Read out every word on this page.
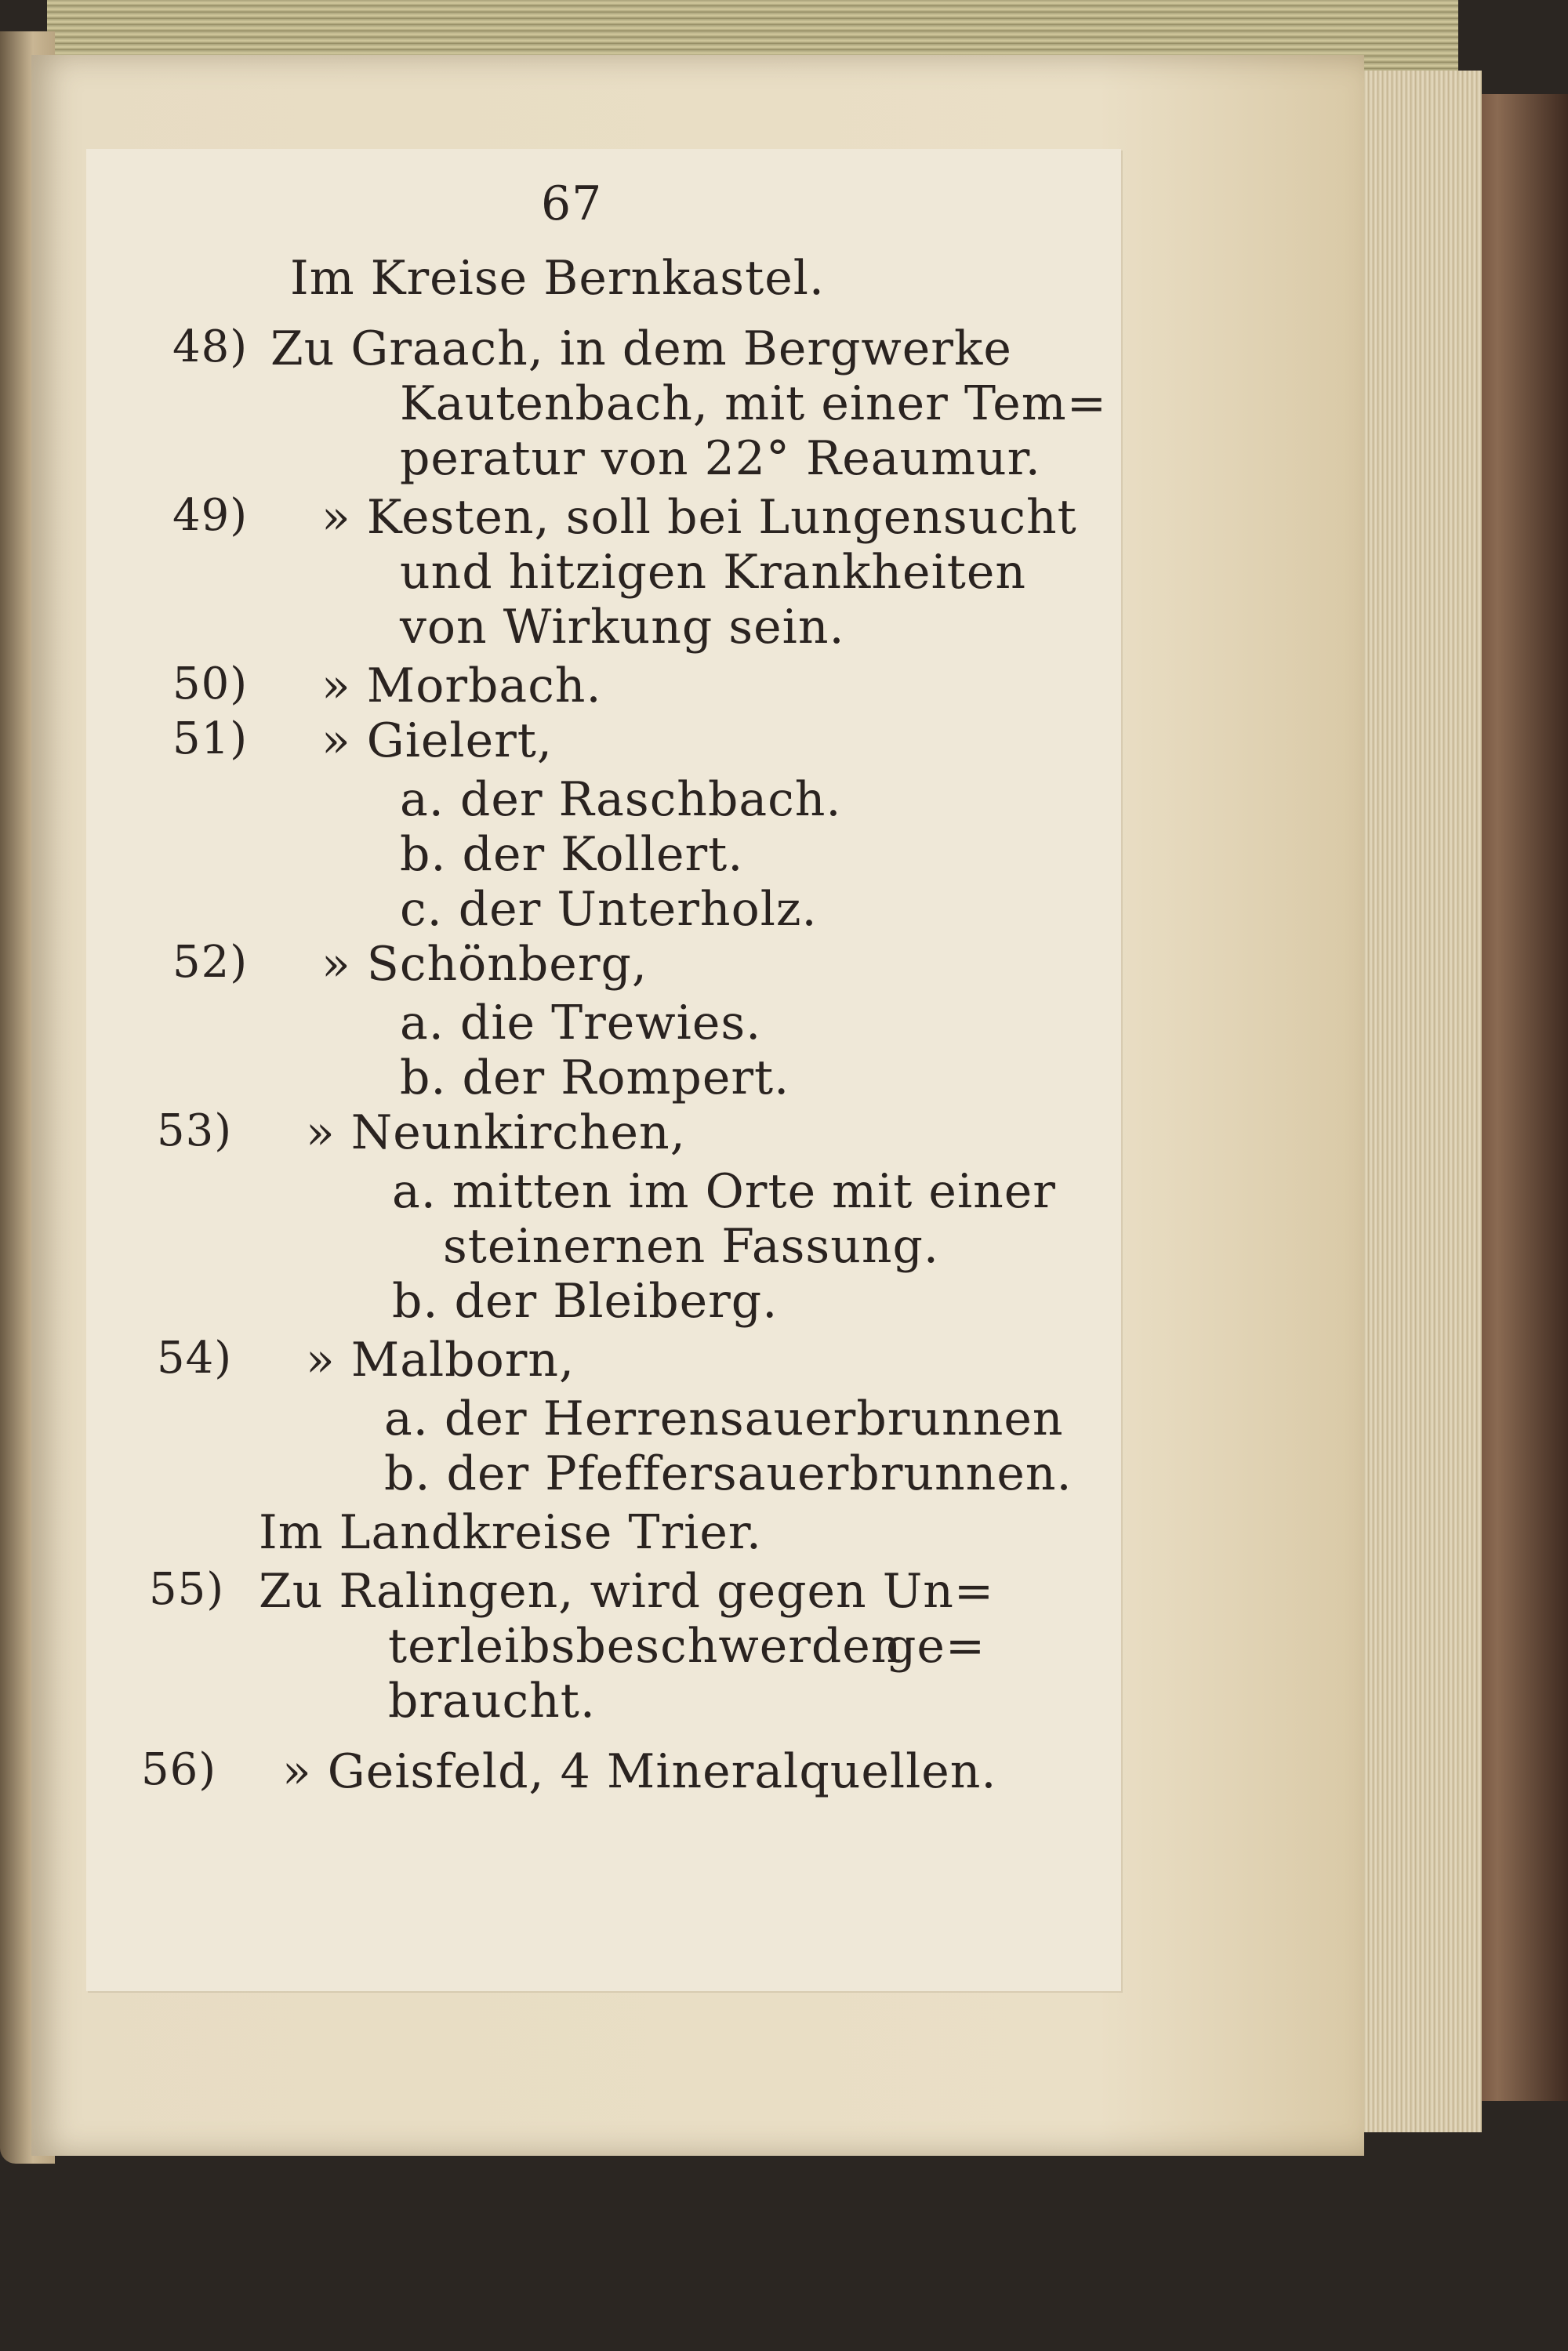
67
Im Kreise Bernkastel.
48) Zu Graach, in dem Bergwerke
Kautenbach, mit einer Tem=
peratur von 22° Reaumur.
49) » Kesten, soll bei Lungensucht
und hitzigen Krankheiten
von Wirkung sein.
50) » Morbach.
51) » Gielert,
a. der Raschbach.
b. der Kollert.
c. der Unterholz.
52) » Schönberg,
a. die Trewies.
b. der Rompert.
53) » Neunkirchen,
a. mitten im Orte mit einer
steinernen Fassung.
b. der Bleiberg.
54) » Malborn,
a. der Herrensauerbrunnen
b. der Pfeffersauerbrunnen.
Im Landkreise Trier.
55) Zu Ralingen, wird gegen Un=
terleibsbeschwerden
ge=
braucht.
56) » Geisfeld, 4 Mineralquellen.
